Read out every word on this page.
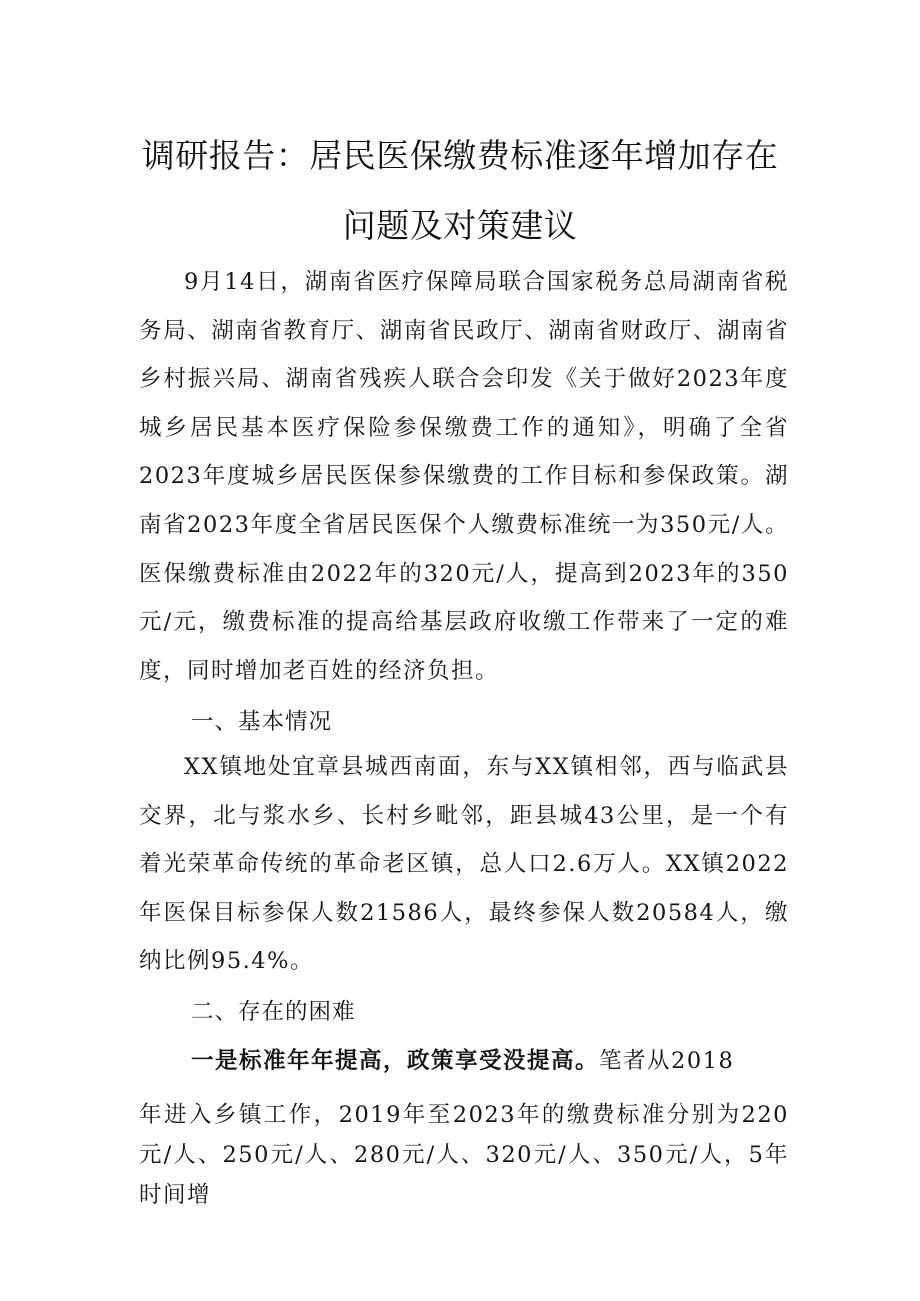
调研报告：居民医保缴费标准逐年增加存在
问题及对策建议

9月14日，湖南省医疗保障局联合国家税务总局湖南省税务局、湖南省教育厅、湖南省民政厅、湖南省财政厅、湖南省乡村振兴局、湖南省残疾人联合会印发《关于做好2023年度城乡居民基本医疗保险参保缴费工作的通知》，明确了全省2023年度城乡居民医保参保缴费的工作目标和参保政策。湖南省2023年度全省居民医保个人缴费标准统一为350元/人。医保缴费标准由2022年的320元/人，提高到2023年的350元/元，缴费标准的提高给基层政府收缴工作带来了一定的难度，同时增加老百姓的经济负担。

一、基本情况

XX镇地处宜章县城西南面，东与XX镇相邻，西与临武县交界，北与浆水乡、长村乡毗邻，距县城43公里，是一个有着光荣革命传统的革命老区镇，总人口2.6万人。XX镇2022年医保目标参保人数21586人，最终参保人数20584人，缴纳比例95.4%。

二、存在的困难
一是标准年年提高，政策享受没提高。笔者从2018

年进入乡镇工作，2019年至2023年的缴费标准分别为220元/人、250元/人、280元/人、320元/人、350元/人，5年时间增
